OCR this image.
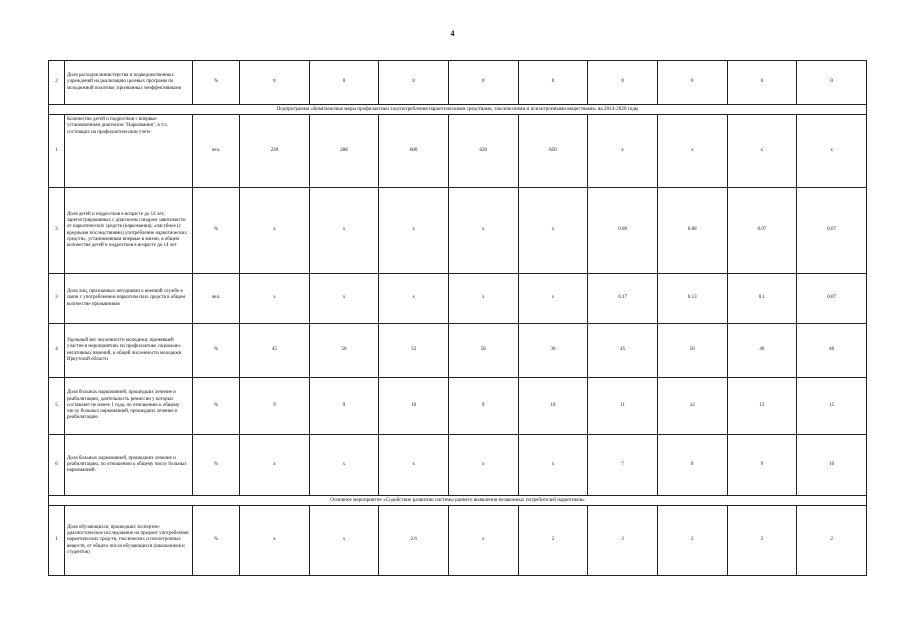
4
2	Доля расходов министерства и подведомственных учреждений на реализацию целевых программ по молодежной политике, признанных неэффективными	%	0	0	0	0	0	0	0	0	0
Подпрограмма «Комплексные меры профилактики злоупотребления наркотическими средствами, токсическими и психотропными веществами» на 2014-2020 годы											
1	Количество детей и подростков с впервые установленным диагнозом "Наркомания", в т.ч. состоящих на профилактическом учете	чел.	228	288	600	620	650	х	х	х	х
2	Доля детей и подростков в возрасте до 14 лет, зарегистрированных с диагнозом синдром зависимости от наркотических средств (наркомания), «пагубное (с вредными последствиями) употребление наркотических средств», установленным впервые в жизни, в общем количестве детей и подростков в возрасте до 14 лет	%	х	х	х	х	х	0.09	0.08	0.07	0.07
3	Доля лиц, признанных негодными к военной службе в связи с употреблением наркотических средств в общем количестве призывников	чел.	х	х	х	х	х	0.17	0.13	0.1	0.07
4	Удельный вес численности молодежи, принявшей участие в мероприятиях по профилактике социально-негативных явлений, к общей численности молодежи Иркутской области	%	45	50	52	58	36	45	50	46	46
5	Доля больных наркоманией, прошедших лечение и реабилитацию, длительность ремиссии у которых составляет не менее 1 года, по отношению к общему числу больных наркоманией, прошедших лечение и реабилитацию	%	9	9	10	9	10	11	12	13	15
6	Доля больных наркоманией, прошедших лечение и реабилитацию, по отношению к общему числу больных наркоманией.	%	х	х	х	х	х	7	8	9	10
Основное мероприятие «Содействие развитию системы раннего выявления незаконных потребителей наркотиков»											
1	Доля обучающихся, прошедших экспертно-диагностическое исследование на предмет употребления наркотических средств, токсических и психотропных веществ, от общего числа обучающихся (школьников и студентов)	%	х	х	2.6	х	2	2	2	2	2
